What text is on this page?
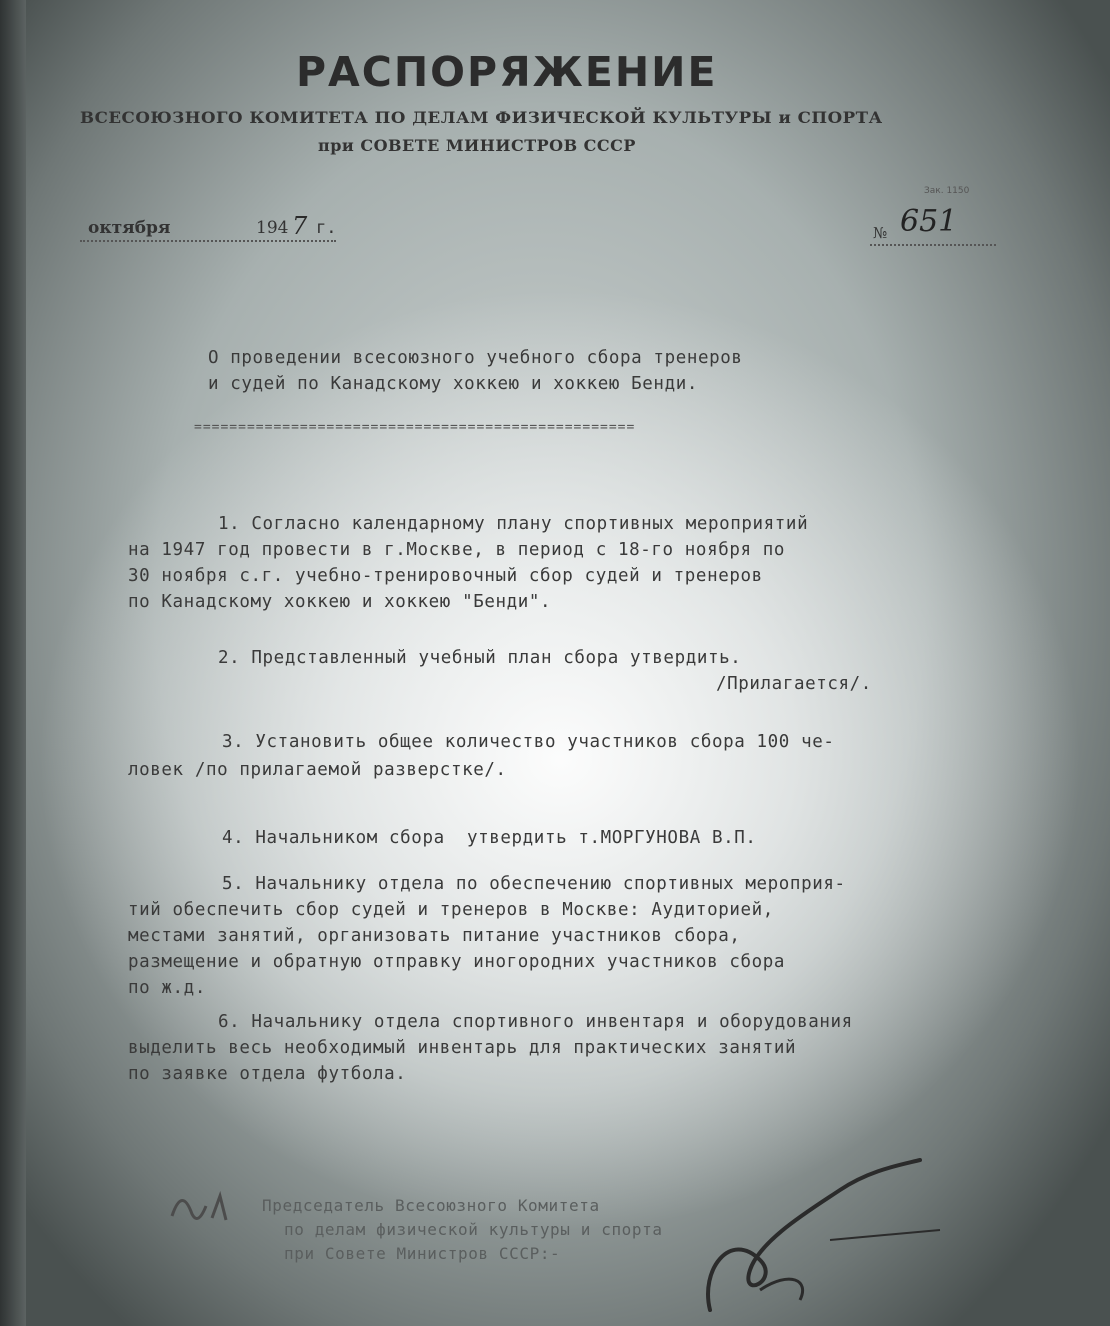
РАСПОРЯЖЕНИЕ
ВСЕСОЮЗНОГО КОМИТЕТА ПО ДЕЛАМ ФИЗИЧЕСКОЙ КУЛЬТУРЫ и СПОРТА
при СОВЕТЕ МИНИСТРОВ СССР
Зак. 1150
октября	194 7 г.	№ 651
О проведении всесоюзного учебного сбора тренеров
и судей по Канадскому хоккею и хоккею Бенди.
==================================================
1. Согласно календарному плану спортивных мероприятий
на 1947 год провести в г.Москве, в период с 18-го ноября по
30 ноября с.г. учебно-тренировочный сбор судей и тренеров
по Канадскому хоккею и хоккею "Бенди".
2. Представленный учебный план сбора утвердить.
/Прилагается/.
3. Установить общее количество участников сбора 100 че-
ловек /по прилагаемой разверстке/.
4. Начальником сбора  утвердить т.МОРГУНОВА В.П.
5. Начальнику отдела по обеспечению спортивных мероприя-
тий обеспечить сбор судей и тренеров в Москве: Аудиторией,
местами занятий, организовать питание участников сбора,
размещение и обратную отправку иногородних участников сбора
по ж.д.
6. Начальнику отдела спортивного инвентаря и оборудования
выделить весь необходимый инвентарь для практических занятий
по заявке отдела футбола.
Председатель Всесоюзного Комитета
по делам физической культуры и спорта
при Совете Министров СССР:-
